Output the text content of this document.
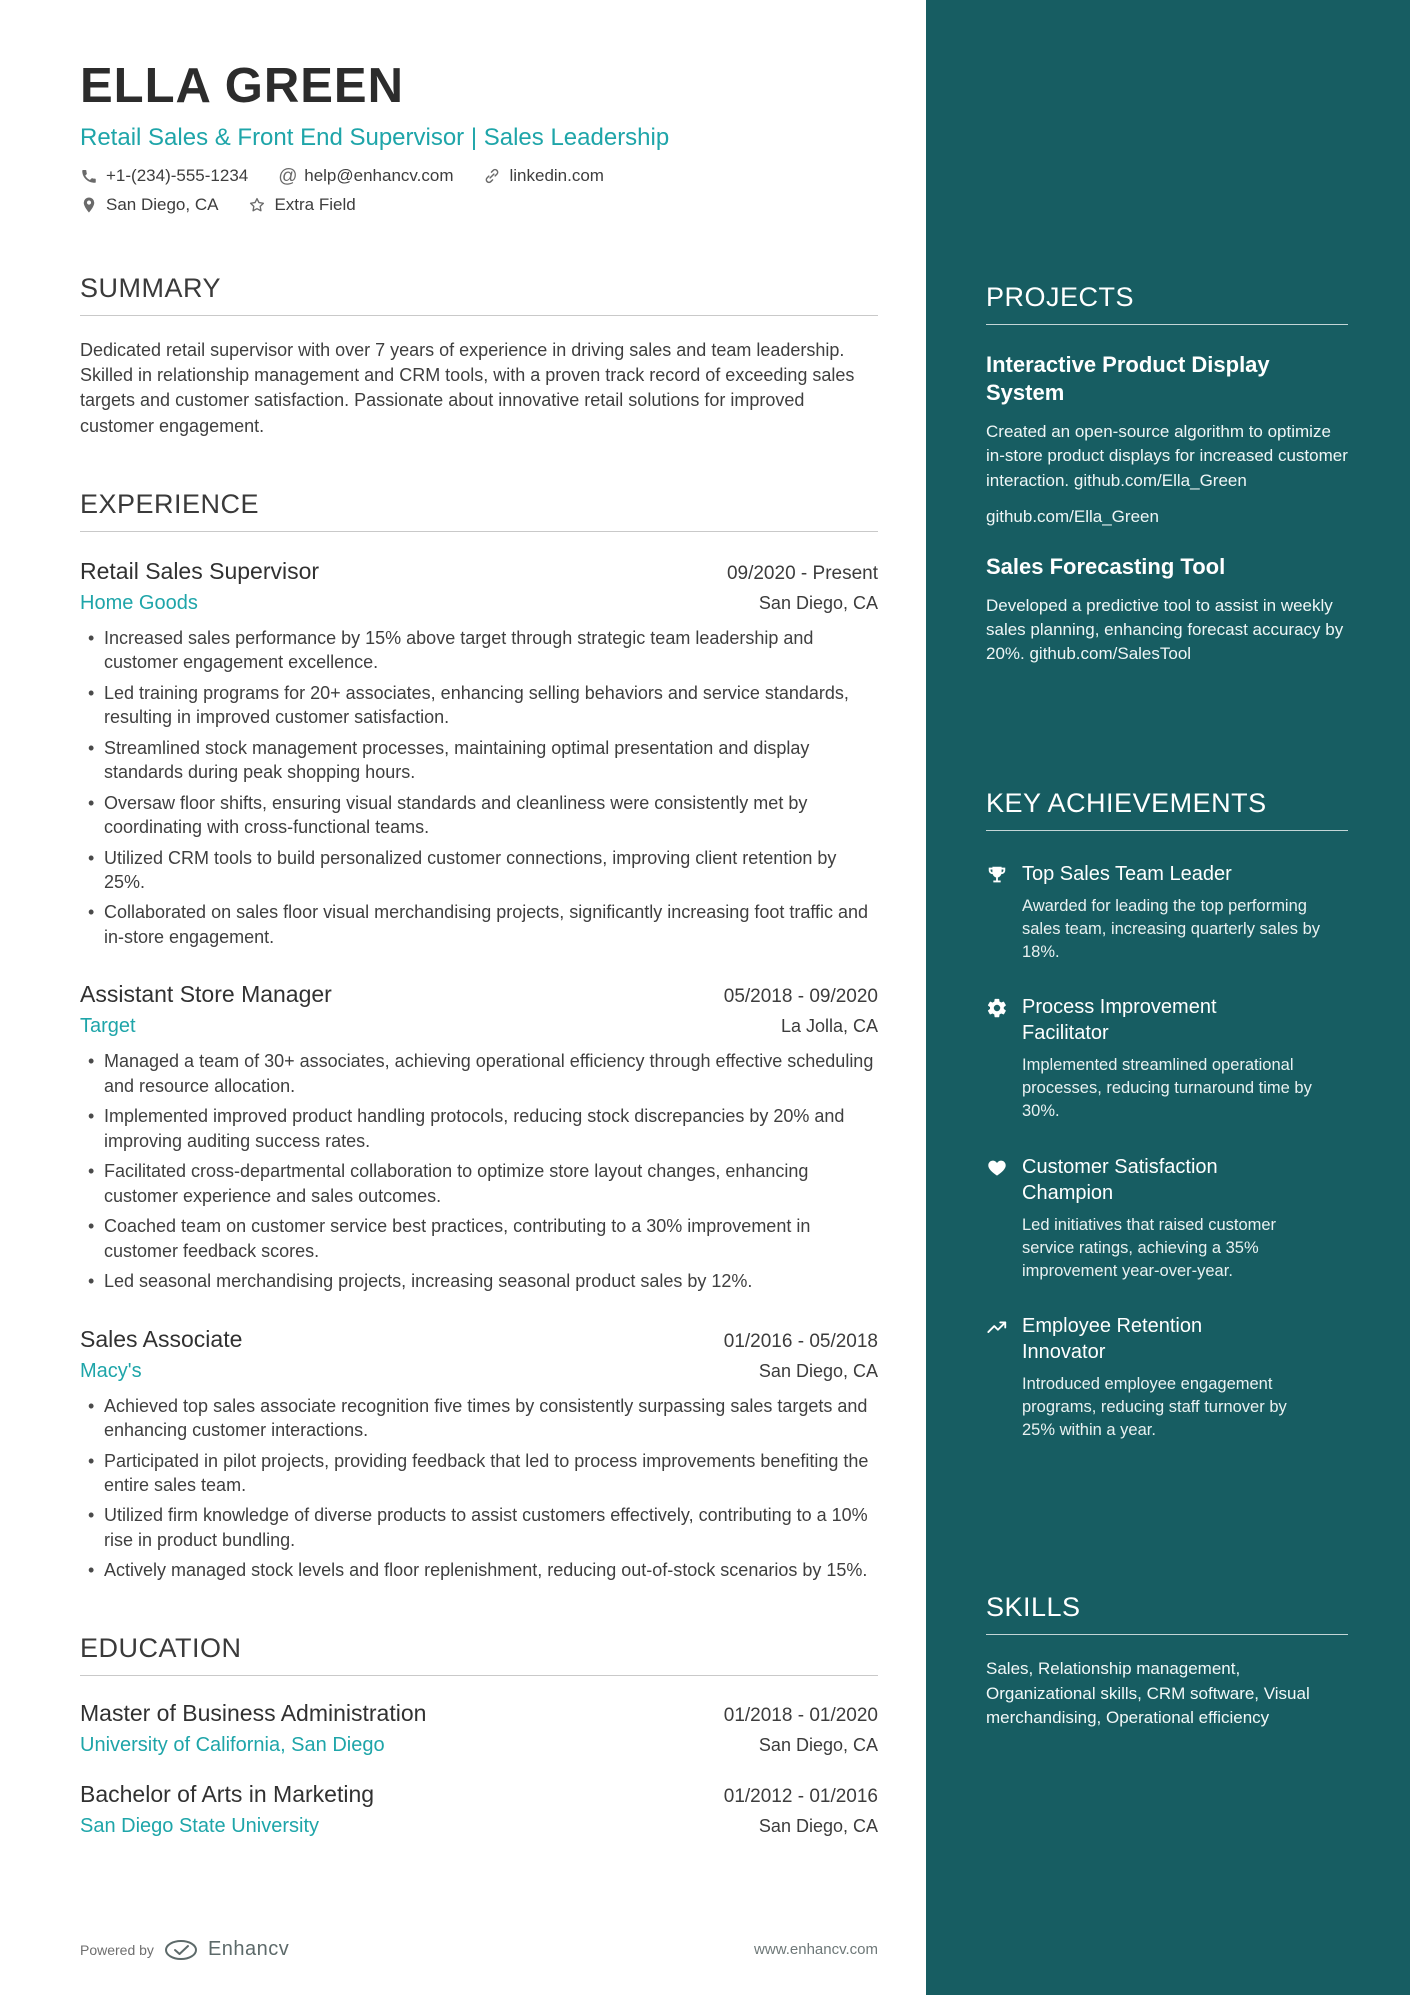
ELLA GREEN
Retail Sales & Front End Supervisor | Sales Leadership
+1-(234)-555-1234 @ help@enhancv.com	linkedin.com
San Diego, CA	Extra Field
SUMMARY

Dedicated retail supervisor with over 7 years of experience in driving sales and team leadership. Skilled in relationship management and CRM tools, with a proven track record of exceeding sales targets and customer satisfaction. Passionate about innovative retail solutions for improved customer engagement.

EXPERIENCE
Retail Sales Supervisor	09/2020 - Present
Home Goods	San Diego, CA
• Increased sales performance by 15% above target through strategic team leadership and customer engagement excellence.
• Led training programs for 20+ associates, enhancing selling behaviors and service standards, resulting in improved customer satisfaction.
• Streamlined stock management processes, maintaining optimal presentation and display standards during peak shopping hours.
• Oversaw floor shifts, ensuring visual standards and cleanliness were consistently met by coordinating with cross-functional teams.
• Utilized CRM tools to build personalized customer connections, improving client retention by 25%.
• Collaborated on sales floor visual merchandising projects, significantly increasing foot traffic and in-store engagement.
Assistant Store Manager	05/2018 - 09/2020
Target	La Jolla, CA
• Managed a team of 30+ associates, achieving operational efficiency through effective scheduling and resource allocation.
• Implemented improved product handling protocols, reducing stock discrepancies by 20% and improving auditing success rates.
• Facilitated cross-departmental collaboration to optimize store layout changes, enhancing customer experience and sales outcomes.
• Coached team on customer service best practices, contributing to a 30% improvement in customer feedback scores.
• Led seasonal merchandising projects, increasing seasonal product sales by 12%.
Sales Associate	01/2016 - 05/2018
Macy's	San Diego, CA
• Achieved top sales associate recognition five times by consistently surpassing sales targets and enhancing customer interactions.
• Participated in pilot projects, providing feedback that led to process improvements benefiting the entire sales team.
• Utilized firm knowledge of diverse products to assist customers effectively, contributing to a 10% rise in product bundling.
• Actively managed stock levels and floor replenishment, reducing out-of-stock scenarios by 15%.
EDUCATION
Master of Business Administration	01/2018 - 01/2020
University of California, San Diego	San Diego, CA
Bachelor of Arts in Marketing	01/2012 - 01/2016
San Diego State University	San Diego, CA
PROJECTS
Interactive Product Display System

Created an open-source algorithm to optimize in-store product displays for increased customer interaction. github.com/Ella_Green

github.com/Ella_Green

Sales Forecasting Tool

Developed a predictive tool to assist in weekly sales planning, enhancing forecast accuracy by 20%. github.com/SalesTool

KEY ACHIEVEMENTS
Top Sales Team Leader

Awarded for leading the top performing sales team, increasing quarterly sales by 18%.

Process Improvement Facilitator

Implemented streamlined operational processes, reducing turnaround time by 30%.

Customer Satisfaction Champion

Led initiatives that raised customer service ratings, achieving a 35% improvement year-over-year.

Employee Retention Innovator

Introduced employee engagement programs, reducing staff turnover by 25% within a year.

SKILLS

Sales, Relationship management, Organizational skills, CRM software, Visual merchandising, Operational efficiency

Powered by	Enhancv	www.enhancv.com
